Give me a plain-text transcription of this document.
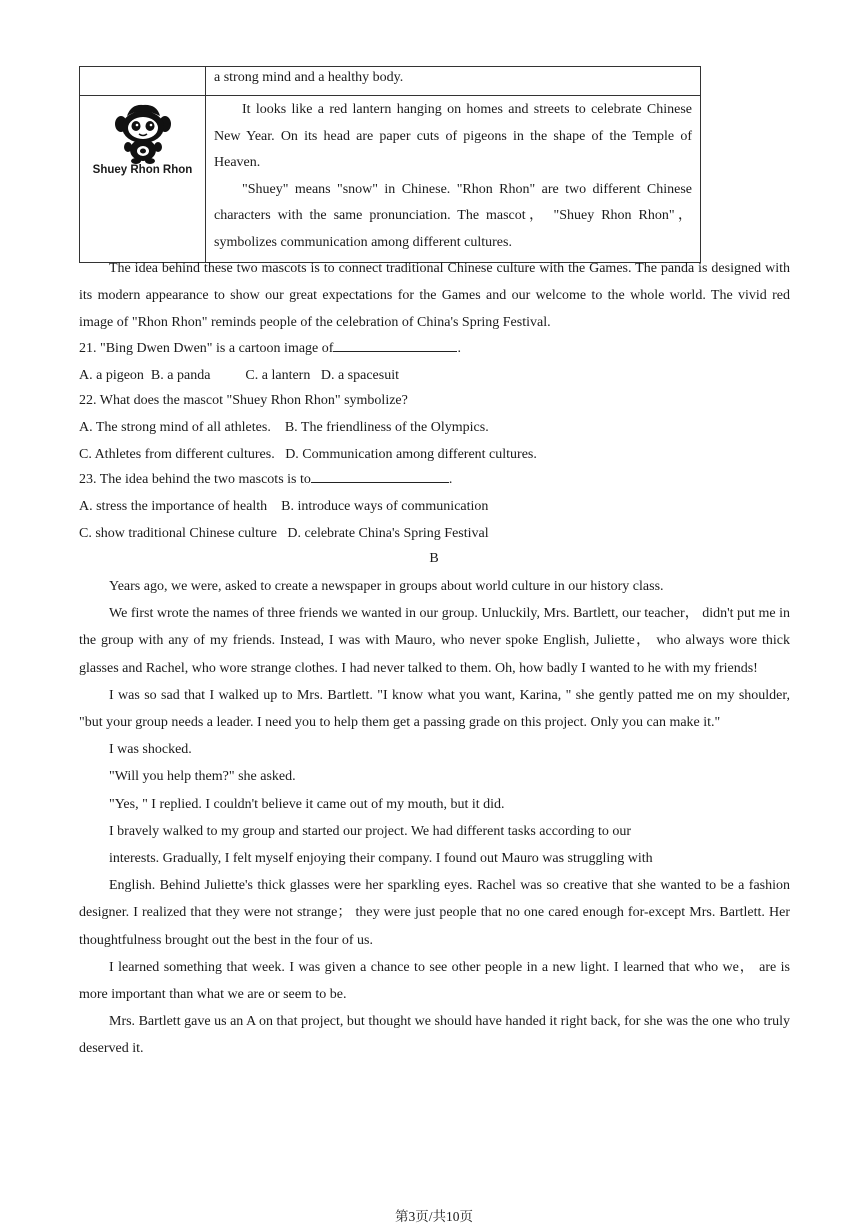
	a strong mind and a healthy body.

Shuey Rhon Rhon	It looks like a red lantern hanging on homes and streets to celebrate Chinese New Year. On its head are paper cuts of pigeons in the shape of the Temple of Heaven.

"Shuey" means "snow" in Chinese. "Rhon Rhon" are two different Chinese characters with the same pronunciation. The mascot， "Shuey Rhon Rhon"， symbolizes communication among different cultures.

The idea behind these two mascots is to connect traditional Chinese culture with the Games. The panda is designed with its modern appearance to show our great expectations for the Games and our welcome to the whole world. The vivid red image of "Rhon Rhon" reminds people of the celebration of China's Spring Festival.

21. "Bing Dwen Dwen" is a cartoon image of	.
A. a pigeon  B. a panda          C. a lantern   D. a spacesuit
22. What does the mascot "Shuey Rhon Rhon" symbolize?
A. The strong mind of all athletes.    B. The friendliness of the Olympics.
C. Athletes from different cultures.   D. Communication among different cultures.
23. The idea behind the two mascots is to	.
A. stress the importance of health    B. introduce ways of communication
C. show traditional Chinese culture   D. celebrate China's Spring Festival
B

Years ago, we were, asked to create a newspaper in groups about world culture in our history class.

We first wrote the names of three friends we wanted in our group. Unluckily, Mrs. Bartlett, our teacher， didn't put me in the group with any of my friends. Instead, I was with Mauro, who never spoke English, Juliette， who always wore thick glasses and Rachel, who wore strange clothes. I had never talked to them. Oh, how badly I wanted to he with my friends!

I was so sad that I walked up to Mrs. Bartlett. "I know what you want, Karina, " she gently patted me on my shoulder, "but your group needs a leader. I need you to help them get a passing grade on this project. Only you can make it."

I was shocked.

"Will you help them?" she asked.

"Yes, " I replied. I couldn't believe it came out of my mouth, but it did.

I bravely walked to my group and started our project. We had different tasks according to our

interests. Gradually, I felt myself enjoying their company. I found out Mauro was struggling with

English. Behind Juliette's thick glasses were her sparkling eyes. Rachel was so creative that she wanted to be a fashion designer. I realized that they were not strange； they were just people that no one cared enough for-except Mrs. Bartlett. Her thoughtfulness brought out the best in the four of us.

I learned something that week. I was given a chance to see other people in a new light. I learned that who we， are is more important than what we are or seem to be.

Mrs. Bartlett gave us an A on that project, but thought we should have handed it right back, for she was the one who truly deserved it.

第3页/共10页
